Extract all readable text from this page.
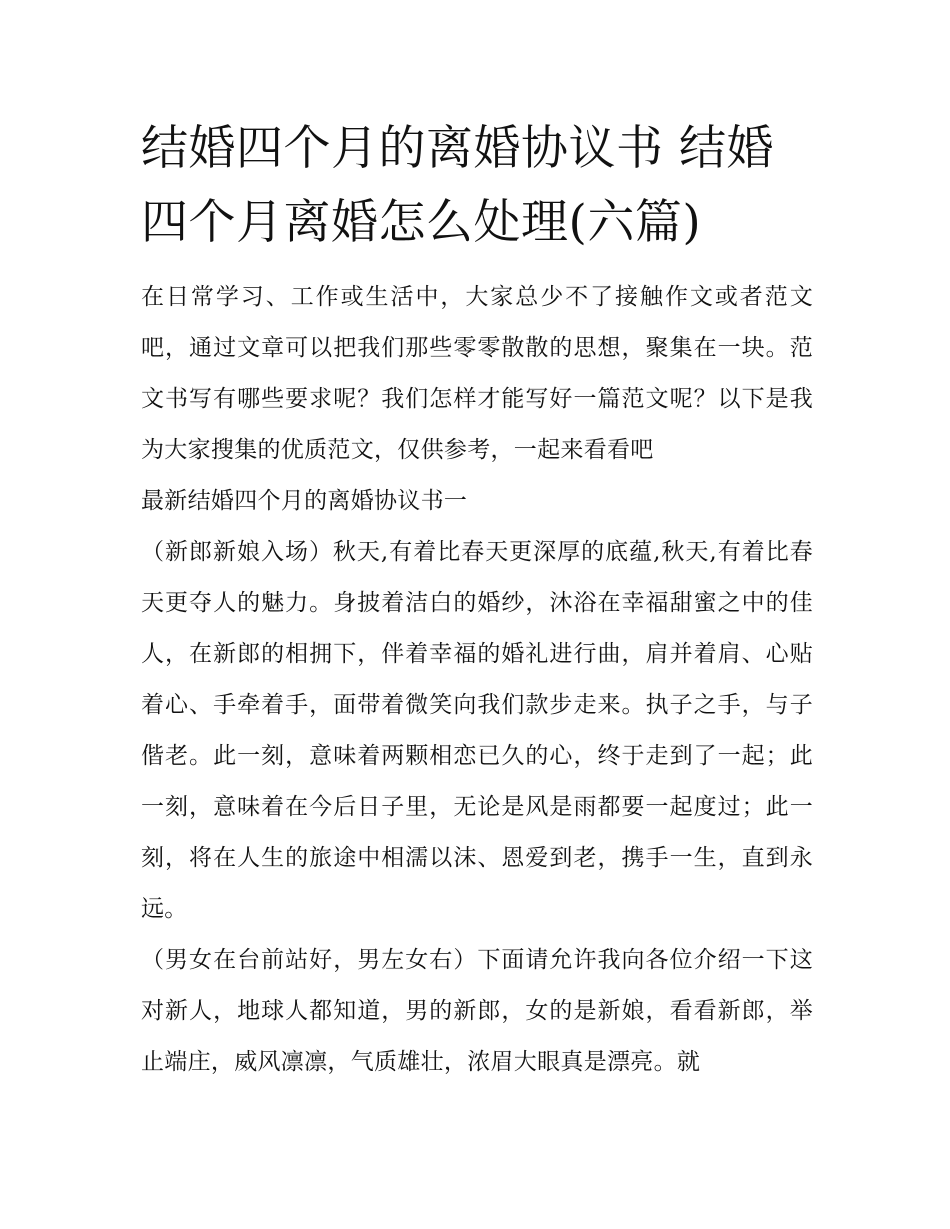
结婚四个月的离婚协议书 结婚四个月离婚怎么处理(六篇)

在日常学习、工作或生活中，大家总少不了接触作文或者范文吧，通过文章可以把我们那些零零散散的思想，聚集在一块。范文书写有哪些要求呢？我们怎样才能写好一篇范文呢？以下是我为大家搜集的优质范文，仅供参考，一起来看看吧

最新结婚四个月的离婚协议书一

（新郎新娘入场）秋天,有着比春天更深厚的底蕴,秋天,有着比春天更夺人的魅力。身披着洁白的婚纱，沐浴在幸福甜蜜之中的佳人，在新郎的相拥下，伴着幸福的婚礼进行曲，肩并着肩、心贴着心、手牵着手，面带着微笑向我们款步走来。执子之手，与子偕老。此一刻，意味着两颗相恋已久的心，终于走到了一起；此一刻，意味着在今后日子里，无论是风是雨都要一起度过；此一刻，将在人生的旅途中相濡以沫、恩爱到老，携手一生，直到永远。

（男女在台前站好，男左女右）下面请允许我向各位介绍一下这对新人，地球人都知道，男的新郎，女的是新娘，看看新郎，举止端庄，威风凛凛，气质雄壮，浓眉大眼真是漂亮。就
